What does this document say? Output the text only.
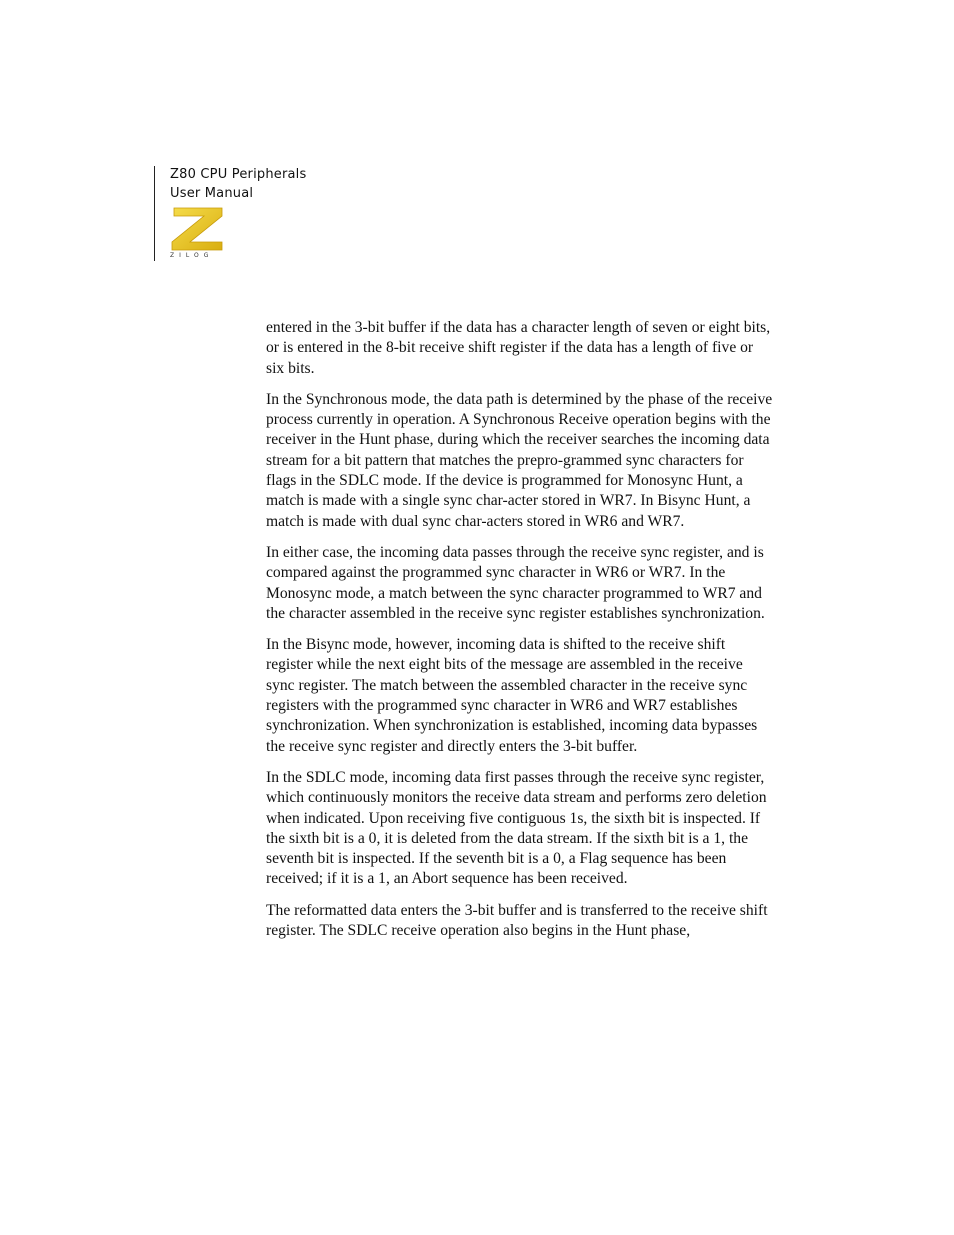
Z80 CPU Peripherals
User Manual
ZILOG

entered in the 3-bit buffer if the data has a character length of seven or eight bits, or is entered in the 8-bit receive shift register if the data has a length of five or six bits.

In the Synchronous mode, the data path is determined by the phase of the receive process currently in operation. A Synchronous Receive operation begins with the receiver in the Hunt phase, during which the receiver searches the incoming data stream for a bit pattern that matches the prepro-grammed sync characters for flags in the SDLC mode. If the device is programmed for Monosync Hunt, a match is made with a single sync char-acter stored in WR7. In Bisync Hunt, a match is made with dual sync char-acters stored in WR6 and WR7.

In either case, the incoming data passes through the receive sync register, and is compared against the programmed sync character in WR6 or WR7. In the Monosync mode, a match between the sync character programmed to WR7 and the character assembled in the receive sync register establishes synchronization.

In the Bisync mode, however, incoming data is shifted to the receive shift register while the next eight bits of the message are assembled in the receive sync register. The match between the assembled character in the receive sync registers with the programmed sync character in WR6 and WR7 establishes synchronization. When synchronization is established, incoming data bypasses the receive sync register and directly enters the 3-bit buffer.

In the SDLC mode, incoming data first passes through the receive sync register, which continuously monitors the receive data stream and performs zero deletion when indicated. Upon receiving five contiguous 1s, the sixth bit is inspected. If the sixth bit is a 0, it is deleted from the data stream. If the sixth bit is a 1, the seventh bit is inspected. If the seventh bit is a 0, a Flag sequence has been received; if it is a 1, an Abort sequence has been received.

The reformatted data enters the 3-bit buffer and is transferred to the receive shift register. The SDLC receive operation also begins in the Hunt phase,
